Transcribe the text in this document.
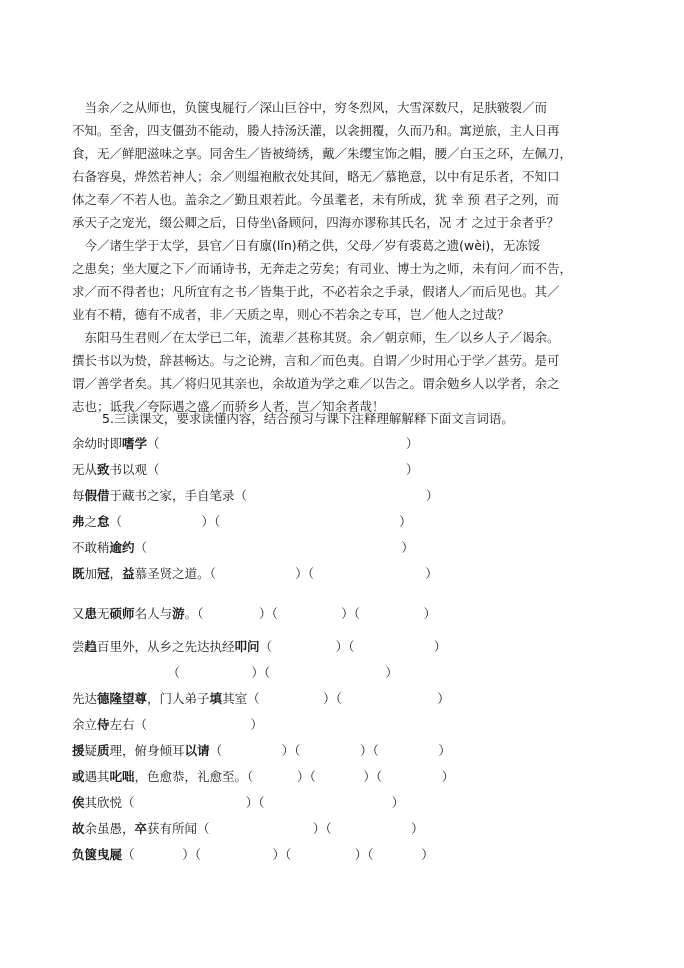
　当余／之从师也，负箧曳屣行／深山巨谷中，穷冬烈风，大雪深数尺，足肤皲裂／而
不知。至舍，四支僵劲不能动，媵人持汤沃灌，以衾拥覆，久而乃和。寓逆旅，主人日再
食，无／鲜肥滋味之享。同舍生／皆被绮绣，戴／朱缨宝饰之帽，腰／白玉之环，左佩刀，
右备容臭，烨然若神人；余／则缊袍敝衣处其间，略无／慕艳意，以中有足乐者，不知口
体之奉／不若人也。盖余之／勤且艰若此。今虽耄老，未有所成，犹 幸 预 君子之列，而
承天子之宠光，缀公卿之后，日侍坐\备顾问，四海亦谬称其氏名，况 才 之过于余者乎？
　今／诸生学于太学，县官／日有廪(lǐn)稍之供，父母／岁有裘葛之遗(wèi)，无冻馁
之患矣；坐大厦之下／而诵诗书，无奔走之劳矣；有司业、博士为之师，未有问／而不告，
求／而不得者也；凡所宜有之书／皆集于此，不必若余之手录，假诸人／而后见也。其／
业有不精，德有不成者，非／天质之卑，则心不若余之专耳，岂／他人之过哉？
　东阳马生君则／在太学已二年，流辈／甚称其贤。余／朝京师，生／以乡人子／谒余。
撰长书以为贽，辞甚畅达。与之论辨，言和／而色夷。自谓／少时用心于学／甚劳。是可
谓／善学者矣。其／将归见其亲也，余故道为学之难／以告之。谓余勉乡人以学者，余之
志也；诋我／夸际遇之盛／而骄乡人者，岂／知余者哉！
5.三读课文，要求读懂内容，结合预习与课下注释理解解释下面文言词语。
余幼时即嗜学（                                                              ）
无从致书以观（                                                              ）
每假借于藏书之家，手自笔录（                                             ）
弗之怠（                    ）（                                             ）
不敢稍逾约（                                                                ）
既加冠，益慕圣贤之道。（                    ）（                            ）
又患无硕师名人与游。（              ）（                ）（                ）
尝趋百里外，从乡之先达执经叩问（                ）（                    ）
（                  ）（                             ）
先达德隆望尊，门人弟子填其室（                ）（                        ）
余立侍左右（                          ）
援疑质理，俯身倾耳以请（               ）（               ）（               ）
或遇其叱咄，色愈恭，礼愈至。（           ）（            ）（               ）
俟其欣悦（                            ）（                                ）
故余虽愚，卒获有所闻（                          ）（                    ）
负箧曳屣（            ）（                  ）（                ）（            ）
